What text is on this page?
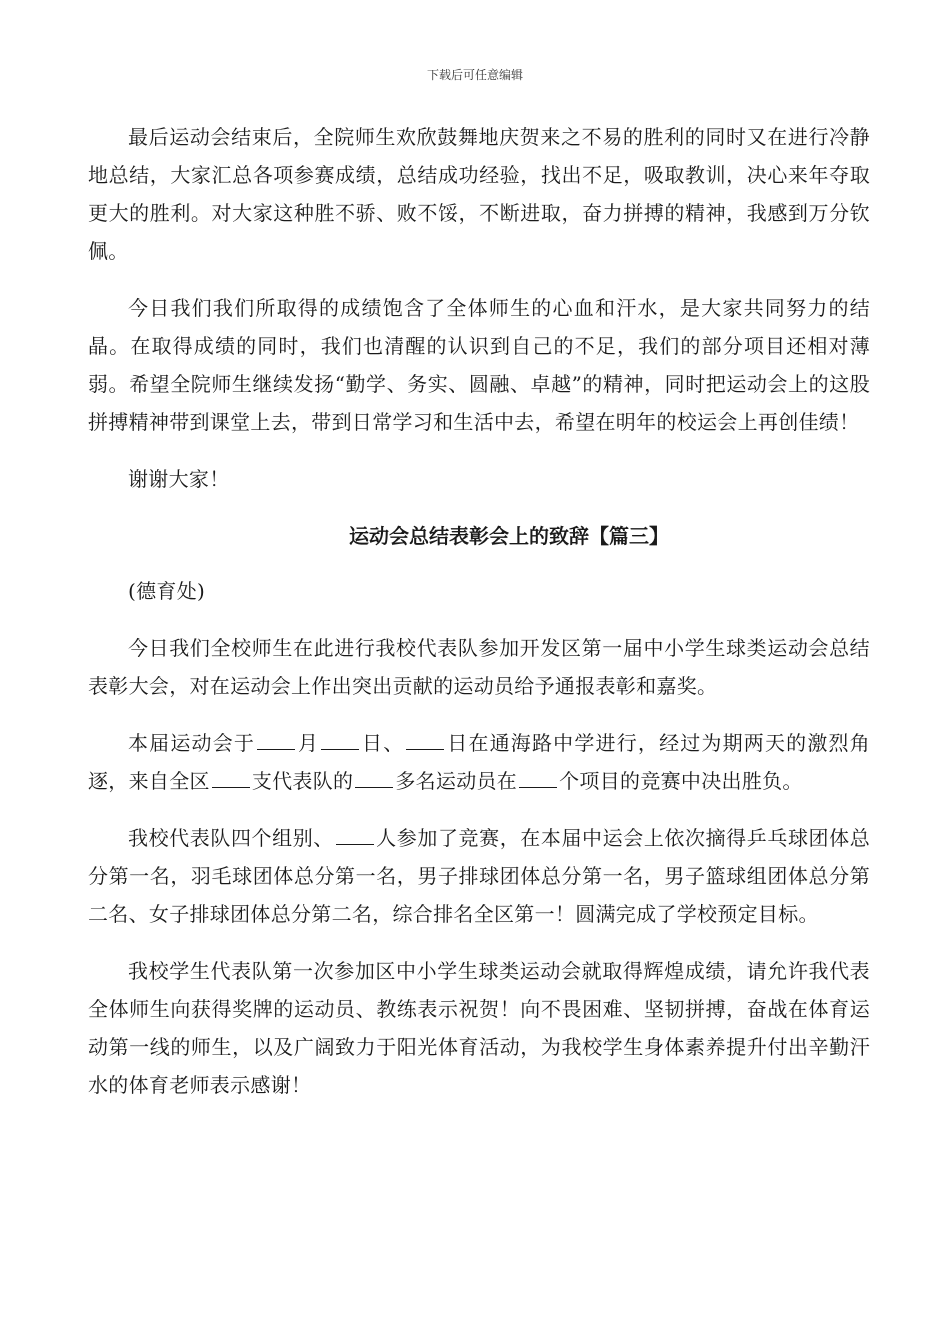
下载后可任意编辑

最后运动会结束后，全院师生欢欣鼓舞地庆贺来之不易的胜利的同时又在进行冷静地总结，大家汇总各项参赛成绩，总结成功经验，找出不足，吸取教训，决心来年夺取更大的胜利。对大家这种胜不骄、败不馁，不断进取，奋力拼搏的精神，我感到万分钦佩。

今日我们我们所取得的成绩饱含了全体师生的心血和汗水，是大家共同努力的结晶。在取得成绩的同时，我们也清醒的认识到自己的不足，我们的部分项目还相对薄弱。希望全院师生继续发扬“勤学、务实、圆融、卓越”的精神，同时把运动会上的这股拼搏精神带到课堂上去，带到日常学习和生活中去，希望在明年的校运会上再创佳绩！

谢谢大家！

运动会总结表彰会上的致辞【篇三】

(德育处)

今日我们全校师生在此进行我校代表队参加开发区第一届中小学生球类运动会总结表彰大会，对在运动会上作出突出贡献的运动员给予通报表彰和嘉奖。

本届运动会于 月 日、 日在通海路中学进行，经过为期两天的激烈角逐，来自全区 支代表队的 多名运动员在 个项目的竞赛中决出胜负。

我校代表队四个组别、 人参加了竞赛，在本届中运会上依次摘得乒乓球团体总分第一名，羽毛球团体总分第一名，男子排球团体总分第一名，男子篮球组团体总分第二名、女子排球团体总分第二名，综合排名全区第一！圆满完成了学校预定目标。

我校学生代表队第一次参加区中小学生球类运动会就取得辉煌成绩，请允许我代表全体师生向获得奖牌的运动员、教练表示祝贺！向不畏困难、坚韧拼搏，奋战在体育运动第一线的师生，以及广阔致力于阳光体育活动，为我校学生身体素养提升付出辛勤汗水的体育老师表示感谢！
